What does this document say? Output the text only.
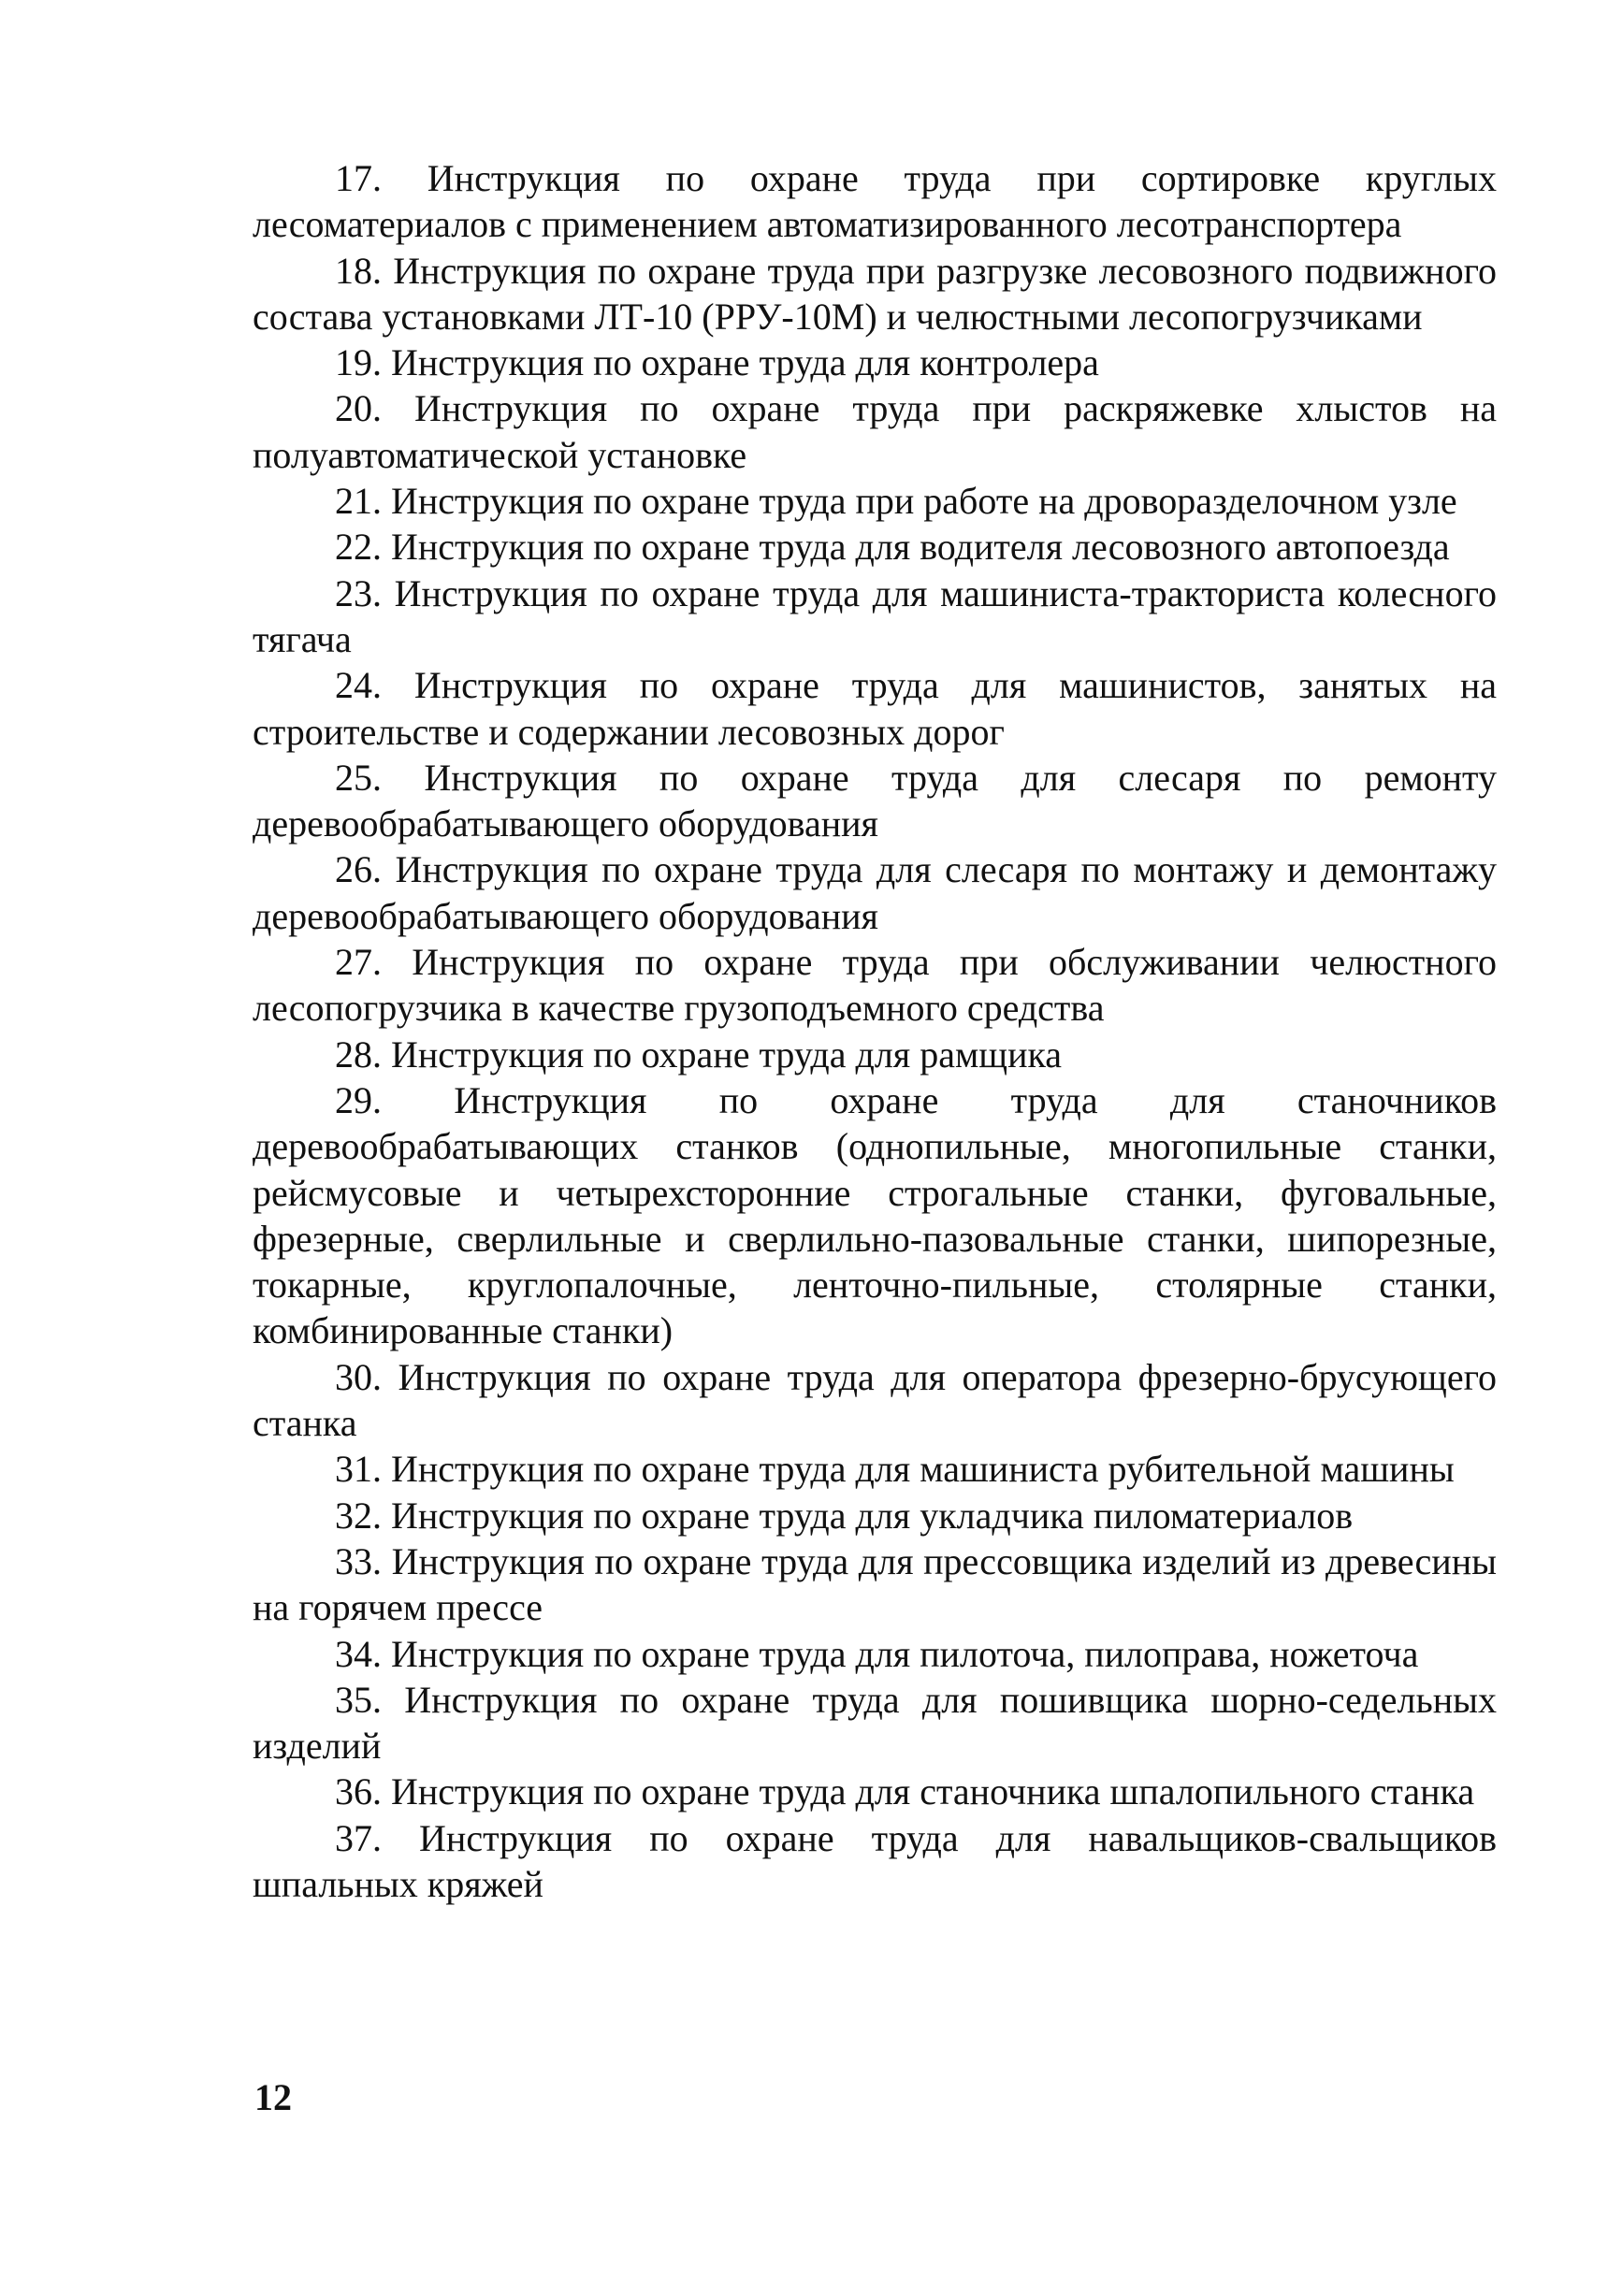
17. Инструкция по охране труда при сортировке круглых лесоматериалов с применением автоматизированного лесотранспортера

18. Инструкция по охране труда при разгрузке лесовозного подвижного состава установками ЛТ-10 (РРУ-10М) и челюстными лесопогрузчиками

19. Инструкция по охране труда для контролера

20. Инструкция по охране труда при раскряжевке хлыстов на полуавтоматической установке

21. Инструкция по охране труда при работе на дроворазделочном узле

22. Инструкция по охране труда для водителя лесовозного автопоезда

23. Инструкция по охране труда для машиниста-тракториста колесного тягача

24. Инструкция по охране труда для машинистов, занятых на строительстве и содержании лесовозных дорог

25. Инструкция по охране труда для слесаря по ремонту деревообрабатывающего оборудования

26. Инструкция по охране труда для слесаря по монтажу и демонтажу деревообрабатывающего оборудования

27. Инструкция по охране труда при обслуживании челюстного лесопогрузчика в качестве грузоподъемного средства

28. Инструкция по охране труда для рамщика

29. Инструкция по охране труда для станочников деревообрабатывающих станков (однопильные, многопильные станки, рейсмусовые и четырехсторонние строгальные станки, фуговальные, фрезерные, сверлильные и сверлильно-пазовальные станки, шипорезные, токарные, круглопалочные, ленточно-пильные, столярные станки, комбинированные станки)

30. Инструкция по охране труда для оператора фрезерно-брусующего станка

31. Инструкция по охране труда для машиниста рубительной машины

32. Инструкция по охране труда для укладчика пиломатериалов

33. Инструкция по охране труда для прессовщика изделий из древесины на горячем прессе

34. Инструкция по охране труда для пилоточа, пилоправа, ножеточа

35. Инструкция по охране труда для пошивщика шорно-седельных изделий

36. Инструкция по охране труда для станочника шпалопильного станка

37. Инструкция по охране труда для навальщиков-свальщиков шпальных кряжей

12
